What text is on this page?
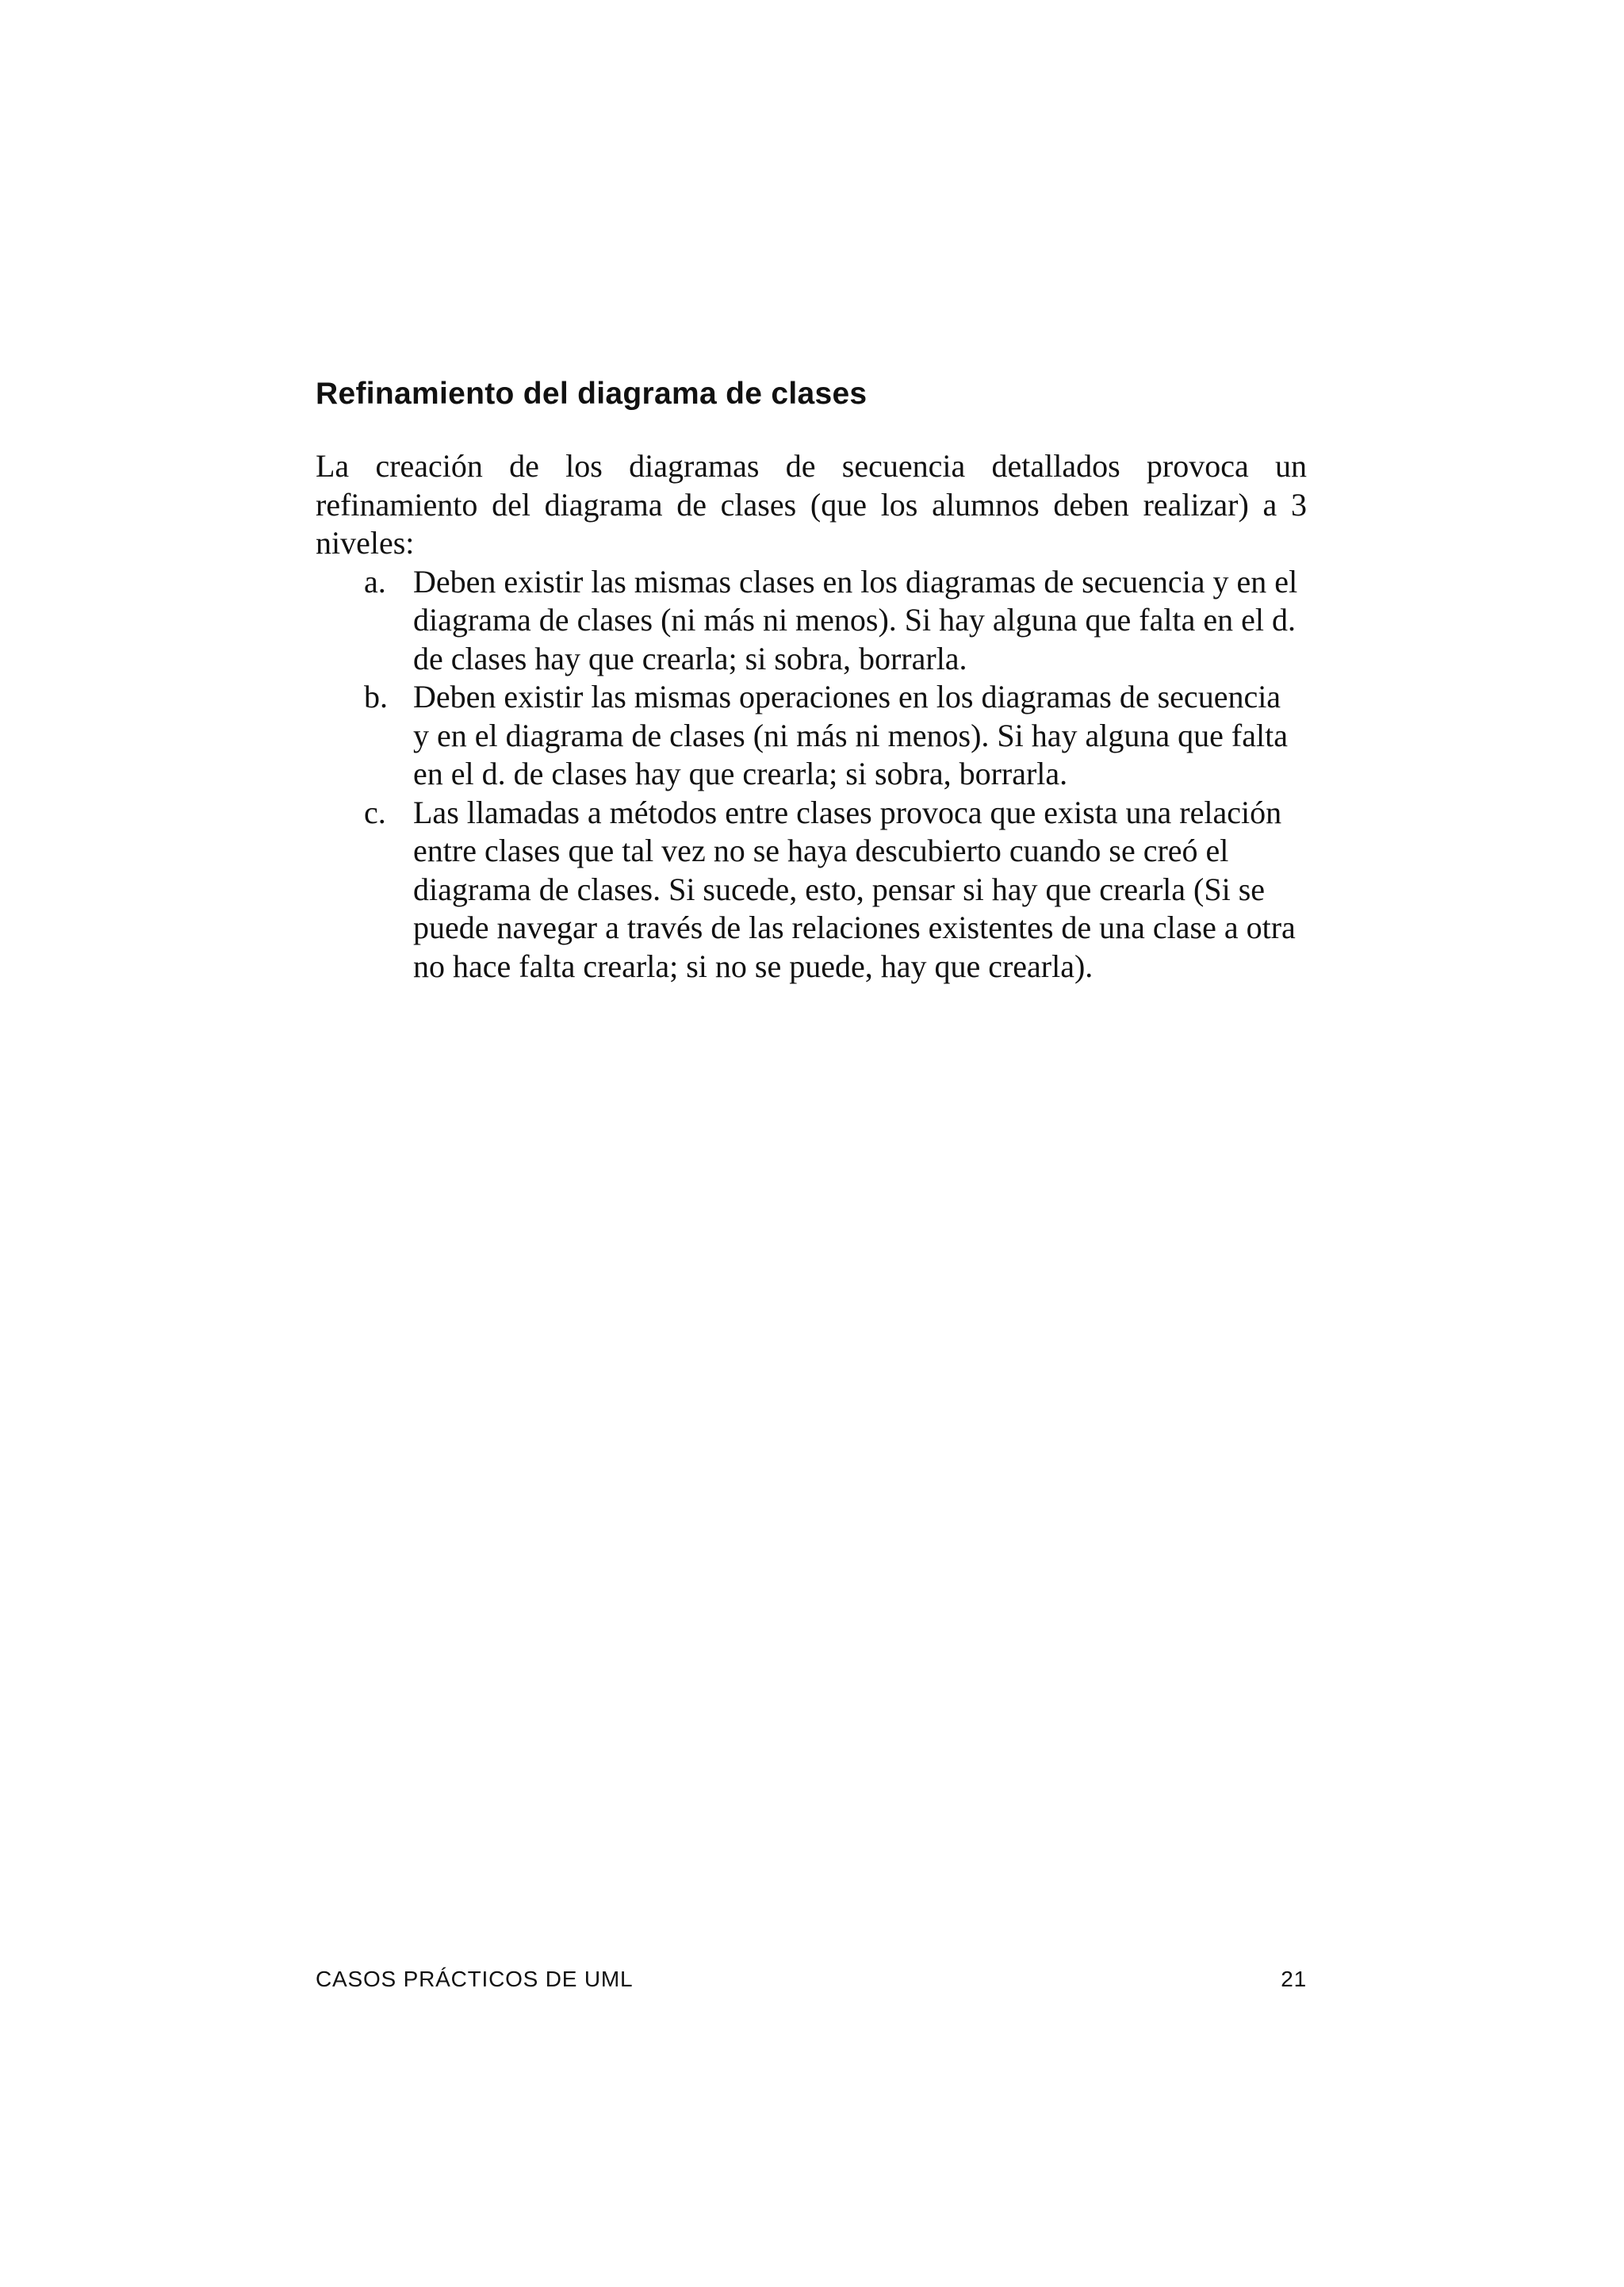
Refinamiento del diagrama de clases

La creación de los diagramas de secuencia detallados provoca un refinamiento del diagrama de clases (que los alumnos deben realizar) a 3 niveles:

a. Deben existir las mismas clases en los diagramas de secuencia y en el diagrama de clases (ni más ni menos). Si hay alguna que falta en el d. de clases hay que crearla; si sobra, borrarla.
b. Deben existir las mismas operaciones en los diagramas de secuencia y en el diagrama de clases (ni más ni menos). Si hay alguna que falta en el d. de clases hay que crearla; si sobra, borrarla.
c. Las llamadas a métodos entre clases provoca que exista una relación entre clases que tal vez no se haya descubierto cuando se creó el diagrama de clases. Si sucede, esto, pensar si hay que crearla (Si se puede navegar a través de las relaciones existentes de una clase a otra no hace falta crearla; si no se puede, hay que crearla).
CASOS PRÁCTICOS DE UML	21
